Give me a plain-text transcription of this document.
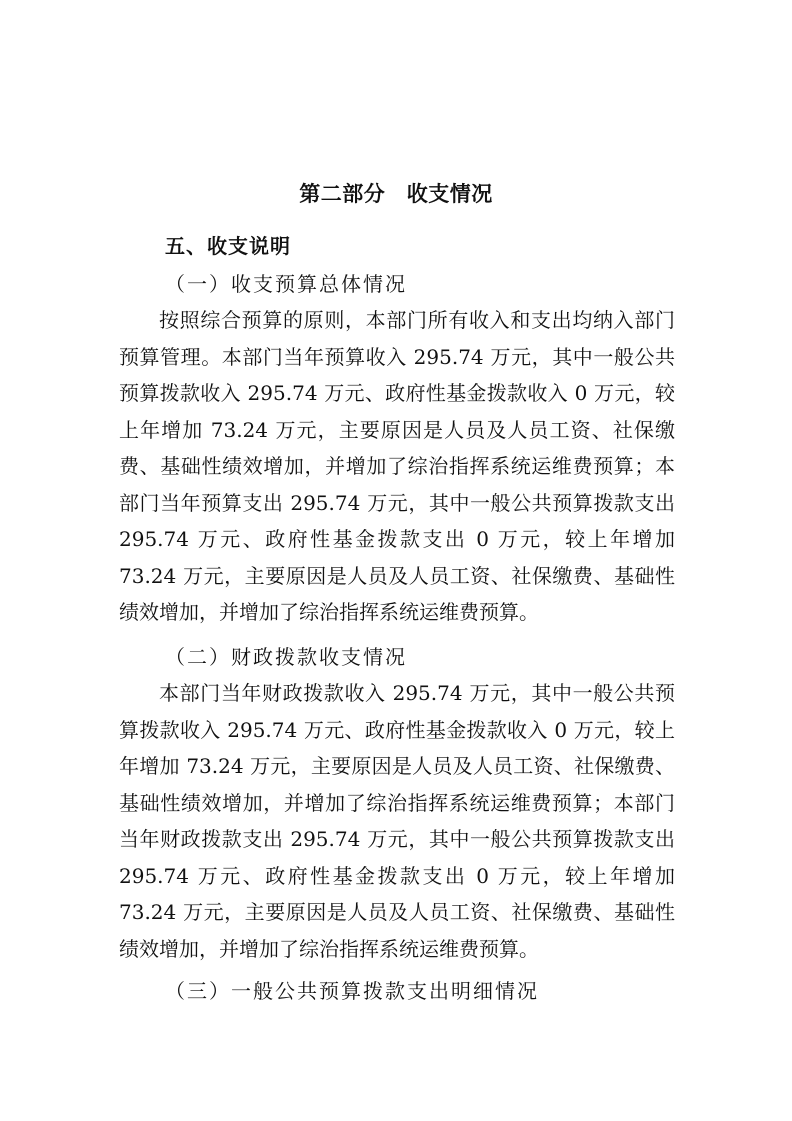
第二部分　收支情况
五、收支说明
（一）收支预算总体情况

按照综合预算的原则，本部门所有收入和支出均纳入部门预算管理。本部门当年预算收入 295.74 万元，其中一般公共预算拨款收入 295.74 万元、政府性基金拨款收入 0 万元，较上年增加 73.24 万元，主要原因是人员及人员工资、社保缴费、基础性绩效增加，并增加了综治指挥系统运维费预算；本部门当年预算支出 295.74 万元，其中一般公共预算拨款支出 295.74 万元、政府性基金拨款支出 0 万元，较上年增加 73.24 万元，主要原因是人员及人员工资、社保缴费、基础性绩效增加，并增加了综治指挥系统运维费预算。

（二）财政拨款收支情况

本部门当年财政拨款收入 295.74 万元，其中一般公共预算拨款收入 295.74 万元、政府性基金拨款收入 0 万元，较上年增加 73.24 万元，主要原因是人员及人员工资、社保缴费、基础性绩效增加，并增加了综治指挥系统运维费预算；本部门当年财政拨款支出 295.74 万元，其中一般公共预算拨款支出 295.74 万元、政府性基金拨款支出 0 万元，较上年增加 73.24 万元，主要原因是人员及人员工资、社保缴费、基础性绩效增加，并增加了综治指挥系统运维费预算。

（三）一般公共预算拨款支出明细情况
